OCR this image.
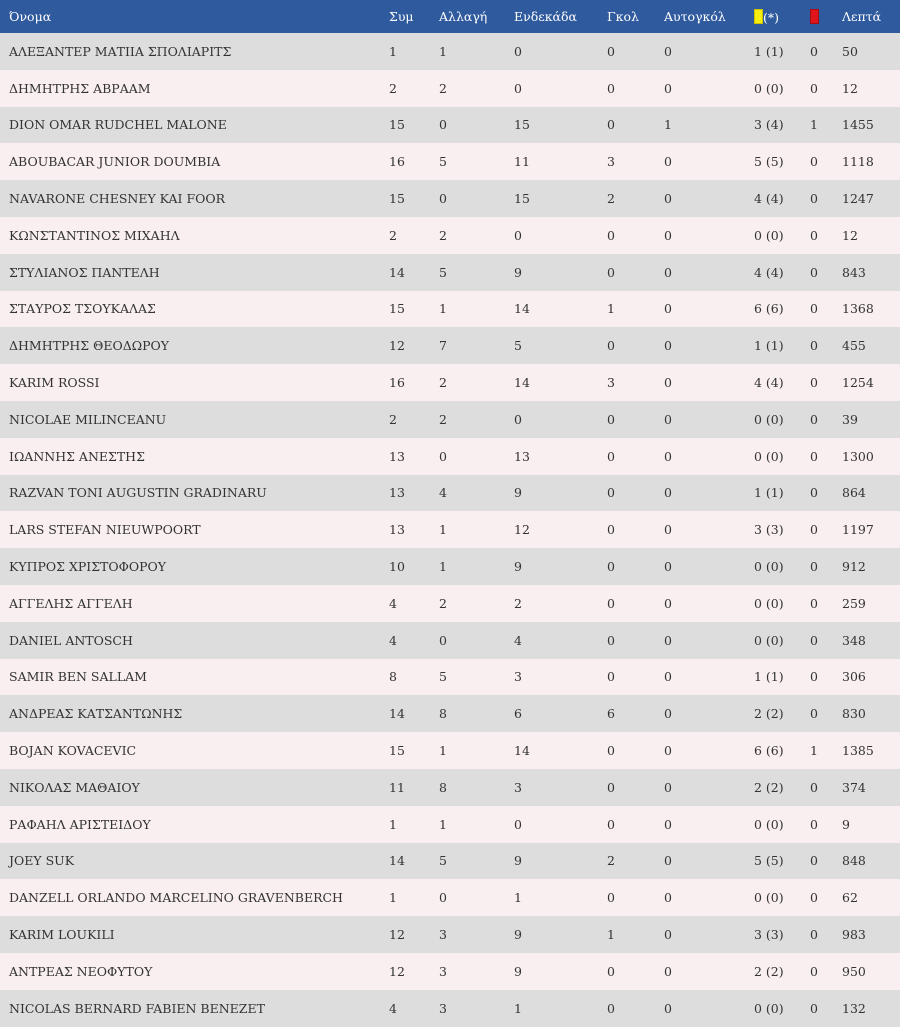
Όνομα	Συμ	Αλλαγή	Ενδεκάδα	Γκολ	Αυτογκόλ	(*)		Λεπτά
ΑΛΕΞΑΝΤΕΡ ΜΑΤΙΙΑ ΣΠΟΛΙΑΡΙΤΣ	1	1	0	0	0	1 (1)	0	50
ΔΗΜΗΤΡΗΣ ΑΒΡΑΑΜ	2	2	0	0	0	0 (0)	0	12
DION OMAR RUDCHEL MALONE	15	0	15	0	1	3 (4)	1	1455
ABOUBACAR JUNIOR DOUMBIA	16	5	11	3	0	5 (5)	0	1118
NAVARONE CHESNEY KAI FOOR	15	0	15	2	0	4 (4)	0	1247
ΚΩΝΣΤΑΝΤΙΝΟΣ ΜΙΧΑΗΛ	2	2	0	0	0	0 (0)	0	12
ΣΤΥΛΙΑΝΟΣ ΠΑΝΤΕΛΗ	14	5	9	0	0	4 (4)	0	843
ΣΤΑΥΡΟΣ ΤΣΟΥΚΑΛΑΣ	15	1	14	1	0	6 (6)	0	1368
ΔΗΜΗΤΡΗΣ ΘΕΟΔΩΡΟΥ	12	7	5	0	0	1 (1)	0	455
KARIM ROSSI	16	2	14	3	0	4 (4)	0	1254
NICOLAE MILINCEANU	2	2	0	0	0	0 (0)	0	39
ΙΩΑΝΝΗΣ ΑΝΕΣΤΗΣ	13	0	13	0	0	0 (0)	0	1300
RAZVAN TONI AUGUSTIN GRADINARU	13	4	9	0	0	1 (1)	0	864
LARS STEFAN NIEUWPOORT	13	1	12	0	0	3 (3)	0	1197
ΚΥΠΡΟΣ ΧΡΙΣΤΟΦΟΡΟΥ	10	1	9	0	0	0 (0)	0	912
ΑΓΓΕΛΗΣ ΑΓΓΕΛΗ	4	2	2	0	0	0 (0)	0	259
DANIEL ANTOSCH	4	0	4	0	0	0 (0)	0	348
SAMIR BEN SALLAM	8	5	3	0	0	1 (1)	0	306
ΑΝΔΡΕΑΣ ΚΑΤΣΑΝΤΩΝΗΣ	14	8	6	6	0	2 (2)	0	830
BOJAN KOVACEVIC	15	1	14	0	0	6 (6)	1	1385
ΝΙΚΟΛΑΣ ΜΑΘΑΙΟΥ	11	8	3	0	0	2 (2)	0	374
ΡΑΦΑΗΛ ΑΡΙΣΤΕΙΔΟΥ	1	1	0	0	0	0 (0)	0	9
JOEY SUK	14	5	9	2	0	5 (5)	0	848
DANZELL ORLANDO MARCELINO GRAVENBERCH	1	0	1	0	0	0 (0)	0	62
KARIM LOUKILI	12	3	9	1	0	3 (3)	0	983
ΑΝΤΡΕΑΣ ΝΕΟΦΥΤΟΥ	12	3	9	0	0	2 (2)	0	950
NICOLAS BERNARD FABIEN BENEZET	4	3	1	0	0	0 (0)	0	132
